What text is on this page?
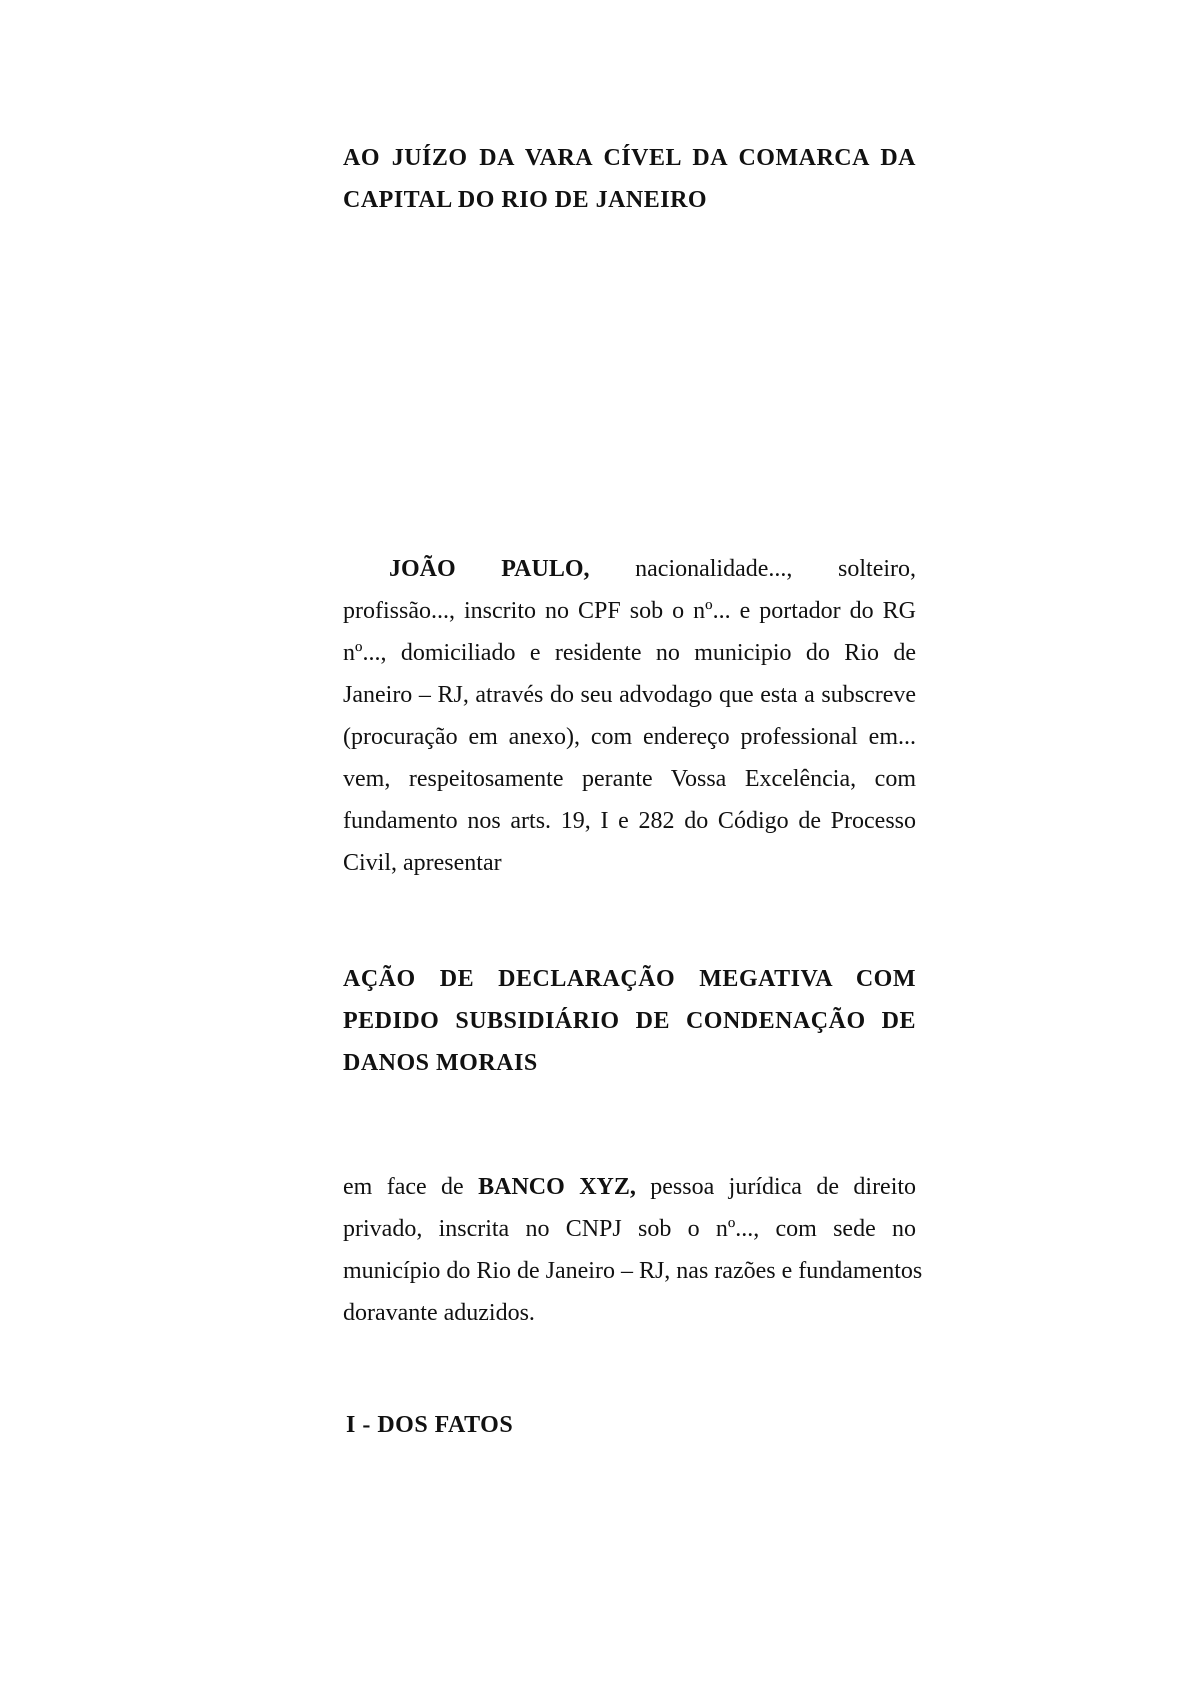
AO JUÍZO DA VARA CÍVEL DA COMARCA DA
CAPITAL DO RIO DE JANEIRO
JOÃO PAULO, nacionalidade..., solteiro,
profissão..., inscrito no CPF sob o nº... e portador do RG
nº..., domiciliado e residente no municipio do Rio de
Janeiro – RJ, através do seu advodago que esta a subscreve
(procuração em anexo), com endereço professional em...
vem, respeitosamente perante Vossa Excelência, com
fundamento nos arts. 19, I e 282 do Código de Processo
Civil, apresentar
AÇÃO DE DECLARAÇÃO MEGATIVA COM
PEDIDO SUBSIDIÁRIO DE CONDENAÇÃO DE
DANOS MORAIS
em face de BANCO XYZ, pessoa jurídica de direito
privado, inscrita no CNPJ sob o nº..., com sede no
município do Rio de Janeiro – RJ, nas razões e fundamentos
doravante aduzidos.
I - DOS FATOS
